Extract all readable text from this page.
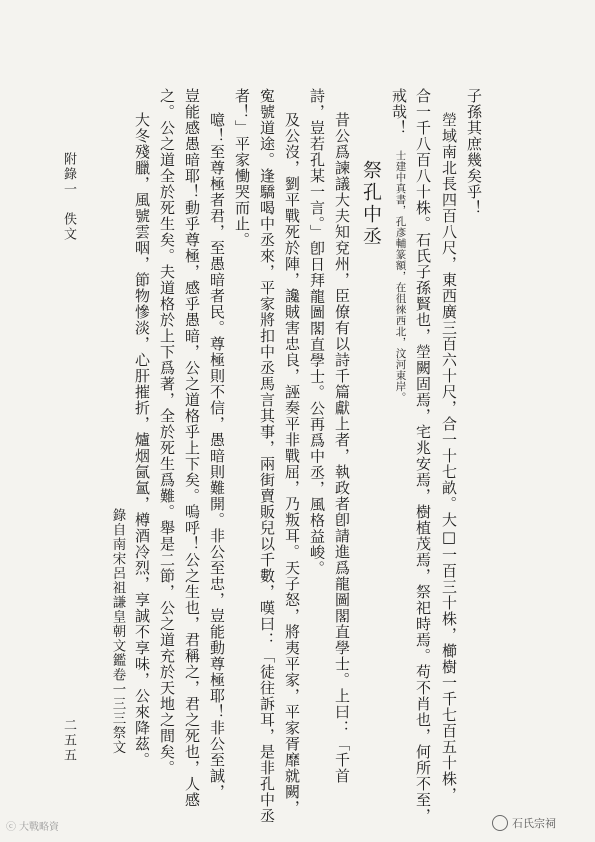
子孫其庶幾矣乎！
塋域南北長四百八尺，東西廣三百六十尺，合一十七畝。大□一百三十株，櫛樹一千七百五十株，
合一千八百八十株。石氏子孫賢也，塋闕固焉，宅兆安焉，樹植茂焉，祭祀時焉。苟不肖也，何所不至，
戒哉！
士建中真書，孔彥輔篆額，在徂徠西北，汶河東岸。
祭孔中丞
昔公爲諫議大夫知兗州，臣僚有以詩千篇獻上者，執政者卽請進爲龍圖閣直學士。上曰：「千首
詩，豈若孔某一言。」卽日拜龍圖閣直學士。公再爲中丞，風格益峻。
及公沒，劉平戰死於陣，讒賊害忠良，誣奏平非戰屈，乃叛耳。天子怒，將夷平家，平家胥靡就闕，
寃號道途。逢驕喝中丞來，平家將扣中丞馬言其事，兩街賣販兒以千數，嘆曰：「徒往訴耳，是非孔中丞
者！」平家慟哭而止。
噫！至尊極者君，至愚暗者民。尊極則不信，愚暗則難開。非公至忠，豈能動尊極耶！非公至誠，
豈能感愚暗耶！動乎尊極，感乎愚暗，公之道格乎上下矣。嗚呼！公之生也，君稱之，君之死也，人感
之。公之道全於死生矣。夫道格於上下爲著，全於死生爲難。舉是二節，公之道充於天地之間矣。
大冬殘臘，風號雲咽，節物慘淡，心肝摧折，爐烟氤氳，樽酒冷烈，享誠不享味，公來降茲。
錄自南宋呂祖謙皇朝文鑑卷一三三祭文
附錄一　佚文
二五五
ⓒ 大戰略資	石氏宗祠
